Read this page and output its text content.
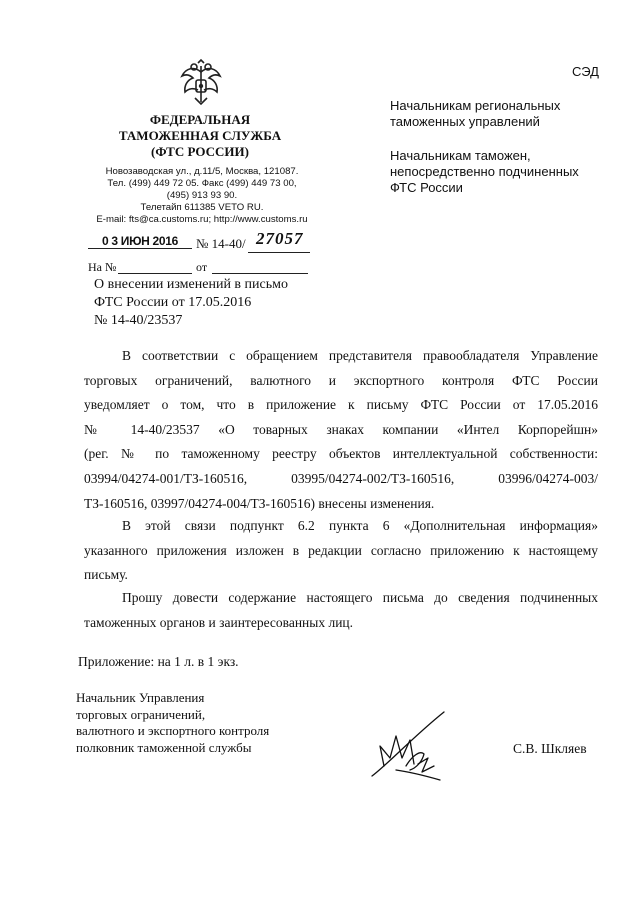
ФЕДЕРАЛЬНАЯ
ТАМОЖЕННАЯ СЛУЖБА
(ФТС РОССИИ)
Новозаводская ул., д.11/5, Москва, 121087.
Тел. (499) 449 72 05. Факс (499) 449 73 00,
(495) 913 93 90.
Телетайп 611385 VETO RU.
E-mail: fts@ca.customs.ru; http://www.customs.ru
0 3 ИЮН 2016	№ 14-40/ 27057
На №	от
О внесении изменений в письмо
ФТС России от 17.05.2016
№ 14-40/23537
СЭД
Начальникам региональных
таможенных управлений
Начальникам таможен,
непосредственно подчиненных
ФТС России
В соответствии с обращением представителя правообладателя Управление
торговых ограничений, валютного и экспортного контроля ФТС России
уведомляет о том, что в приложение к письму ФТС России от 17.05.2016
№ 14-40/23537 «О товарных знаках компании «Интел Корпорейшн»
(рег. № по таможенному реестру объектов интеллектуальной собственности:
03994/04274-001/ТЗ-160516, 03995/04274-002/ТЗ-160516, 03996/04274-003/
ТЗ-160516, 03997/04274-004/ТЗ-160516) внесены изменения.
В этой связи подпункт 6.2 пункта 6 «Дополнительная информация»
указанного приложения изложен в редакции согласно приложению к настоящему
письму.
Прошу довести содержание настоящего письма до сведения подчиненных
таможенных органов и заинтересованных лиц.
Приложение: на 1 л. в 1 экз.
Начальник Управления
торговых ограничений,
валютного и экспортного контроля
полковник таможенной службы	С.В. Шкляев
